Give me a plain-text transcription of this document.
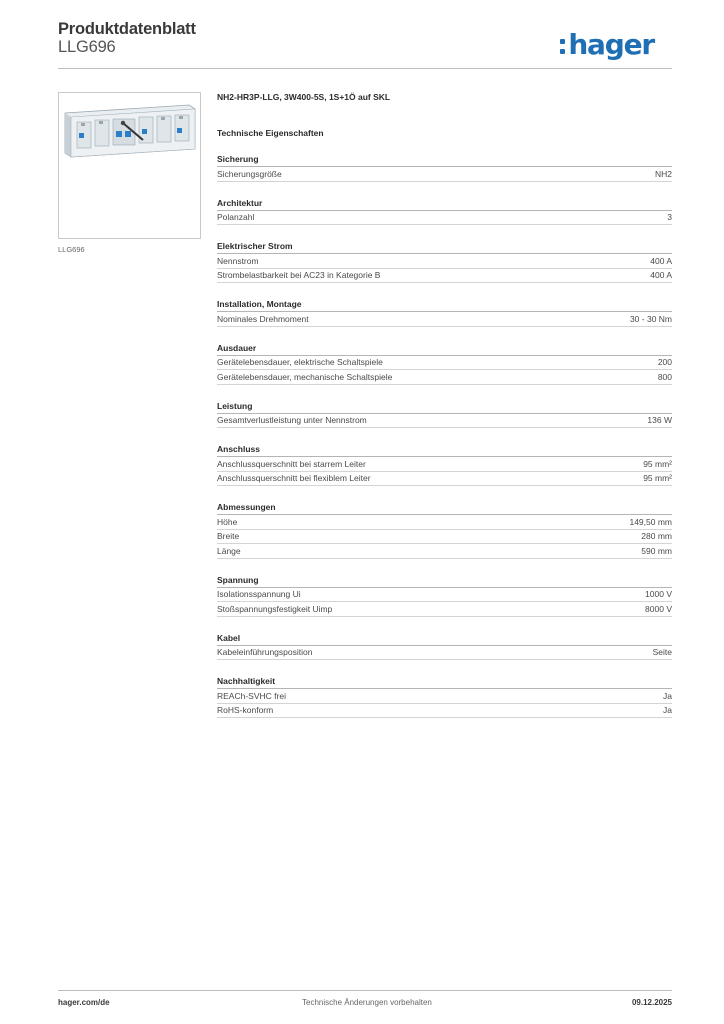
Produktdatenblatt
LLG696	hager
LLG696
NH2-HR3P-LLG, 3W400-5S, 1S+1Ö auf SKL
Technische Eigenschaften
Sicherung
Sicherungsgröße	NH2
Architektur
Polanzahl	3
Elektrischer Strom
Nennstrom	400 A
Strombelastbarkeit bei AC23 in Kategorie B	400 A
Installation, Montage
Nominales Drehmoment	30 - 30 Nm
Ausdauer
Gerätelebensdauer, elektrische Schaltspiele	200
Gerätelebensdauer, mechanische Schaltspiele	800
Leistung
Gesamtverlustleistung unter Nennstrom	136 W
Anschluss
Anschlussquerschnitt bei starrem Leiter	95 mm²
Anschlussquerschnitt bei flexiblem Leiter	95 mm²
Abmessungen
Höhe	149,50 mm
Breite	280 mm
Länge	590 mm
Spannung
Isolationsspannung Ui	1000 V
Stoßspannungsfestigkeit Uimp	8000 V
Kabel
Kabeleinführungsposition	Seite
Nachhaltigkeit
REACh-SVHC frei	Ja
RoHS-konform	Ja
hager.com/de	Technische Änderungen vorbehalten	09.12.2025
